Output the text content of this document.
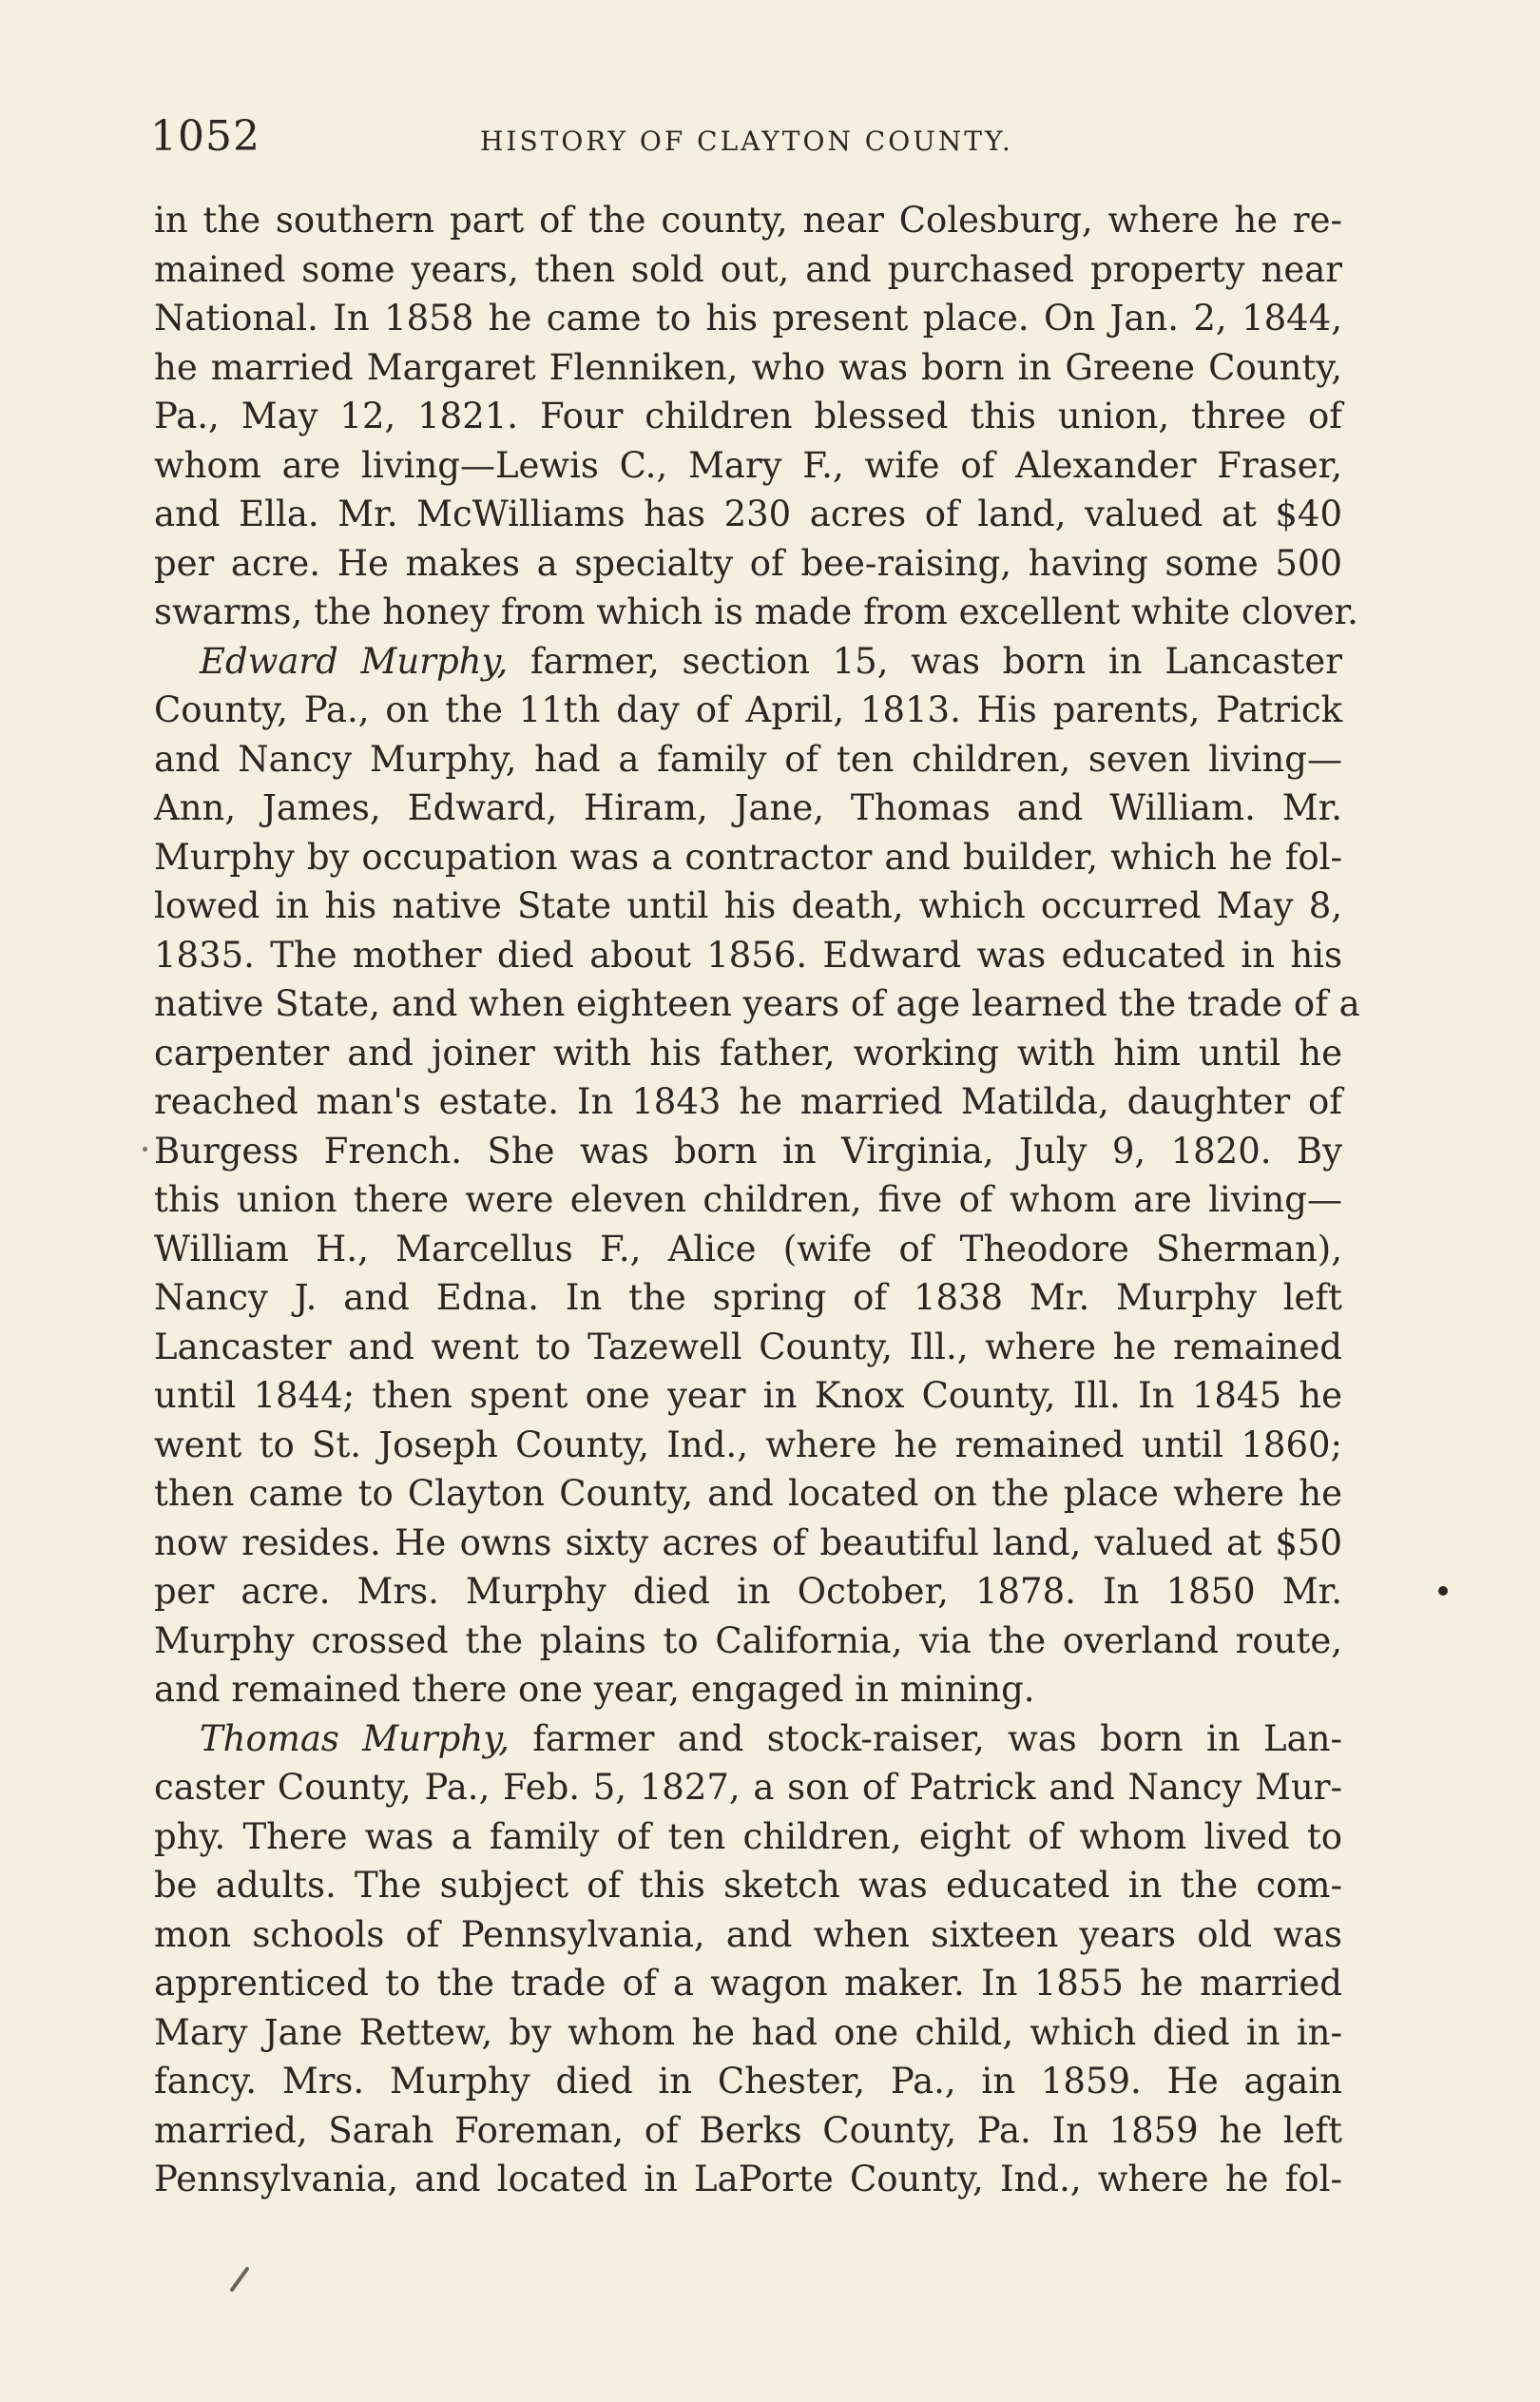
1052	HISTORY OF CLAYTON COUNTY.
in the southern part of the county, near Colesburg, where he re-
mained some years, then sold out, and purchased property near
National. In 1858 he came to his present place. On Jan. 2, 1844,
he married Margaret Flenniken, who was born in Greene County,
Pa., May 12, 1821. Four children blessed this union, three of
whom are living—Lewis C., Mary F., wife of Alexander Fraser,
and Ella. Mr. McWilliams has 230 acres of land, valued at $40
per acre. He makes a specialty of bee-raising, having some 500
swarms, the honey from which is made from excellent white clover.
Edward Murphy, farmer, section 15, was born in Lancaster
County, Pa., on the 11th day of April, 1813. His parents, Patrick
and Nancy Murphy, had a family of ten children, seven living—
Ann, James, Edward, Hiram, Jane, Thomas and William. Mr.
Murphy by occupation was a contractor and builder, which he fol-
lowed in his native State until his death, which occurred May 8,
1835. The mother died about 1856. Edward was educated in his
native State, and when eighteen years of age learned the trade of a
carpenter and joiner with his father, working with him until he
reached man's estate. In 1843 he married Matilda, daughter of
Burgess French. She was born in Virginia, July 9, 1820. By
this union there were eleven children, five of whom are living—
William H., Marcellus F., Alice (wife of Theodore Sherman),
Nancy J. and Edna. In the spring of 1838 Mr. Murphy left
Lancaster and went to Tazewell County, Ill., where he remained
until 1844; then spent one year in Knox County, Ill. In 1845 he
went to St. Joseph County, Ind., where he remained until 1860;
then came to Clayton County, and located on the place where he
now resides. He owns sixty acres of beautiful land, valued at $50
per acre. Mrs. Murphy died in October, 1878. In 1850 Mr.
Murphy crossed the plains to California, via the overland route,
and remained there one year, engaged in mining.
Thomas Murphy, farmer and stock-raiser, was born in Lan-
caster County, Pa., Feb. 5, 1827, a son of Patrick and Nancy Mur-
phy. There was a family of ten children, eight of whom lived to
be adults. The subject of this sketch was educated in the com-
mon schools of Pennsylvania, and when sixteen years old was
apprenticed to the trade of a wagon maker. In 1855 he married
Mary Jane Rettew, by whom he had one child, which died in in-
fancy. Mrs. Murphy died in Chester, Pa., in 1859. He again
married, Sarah Foreman, of Berks County, Pa. In 1859 he left
Pennsylvania, and located in LaPorte County, Ind., where he fol-
